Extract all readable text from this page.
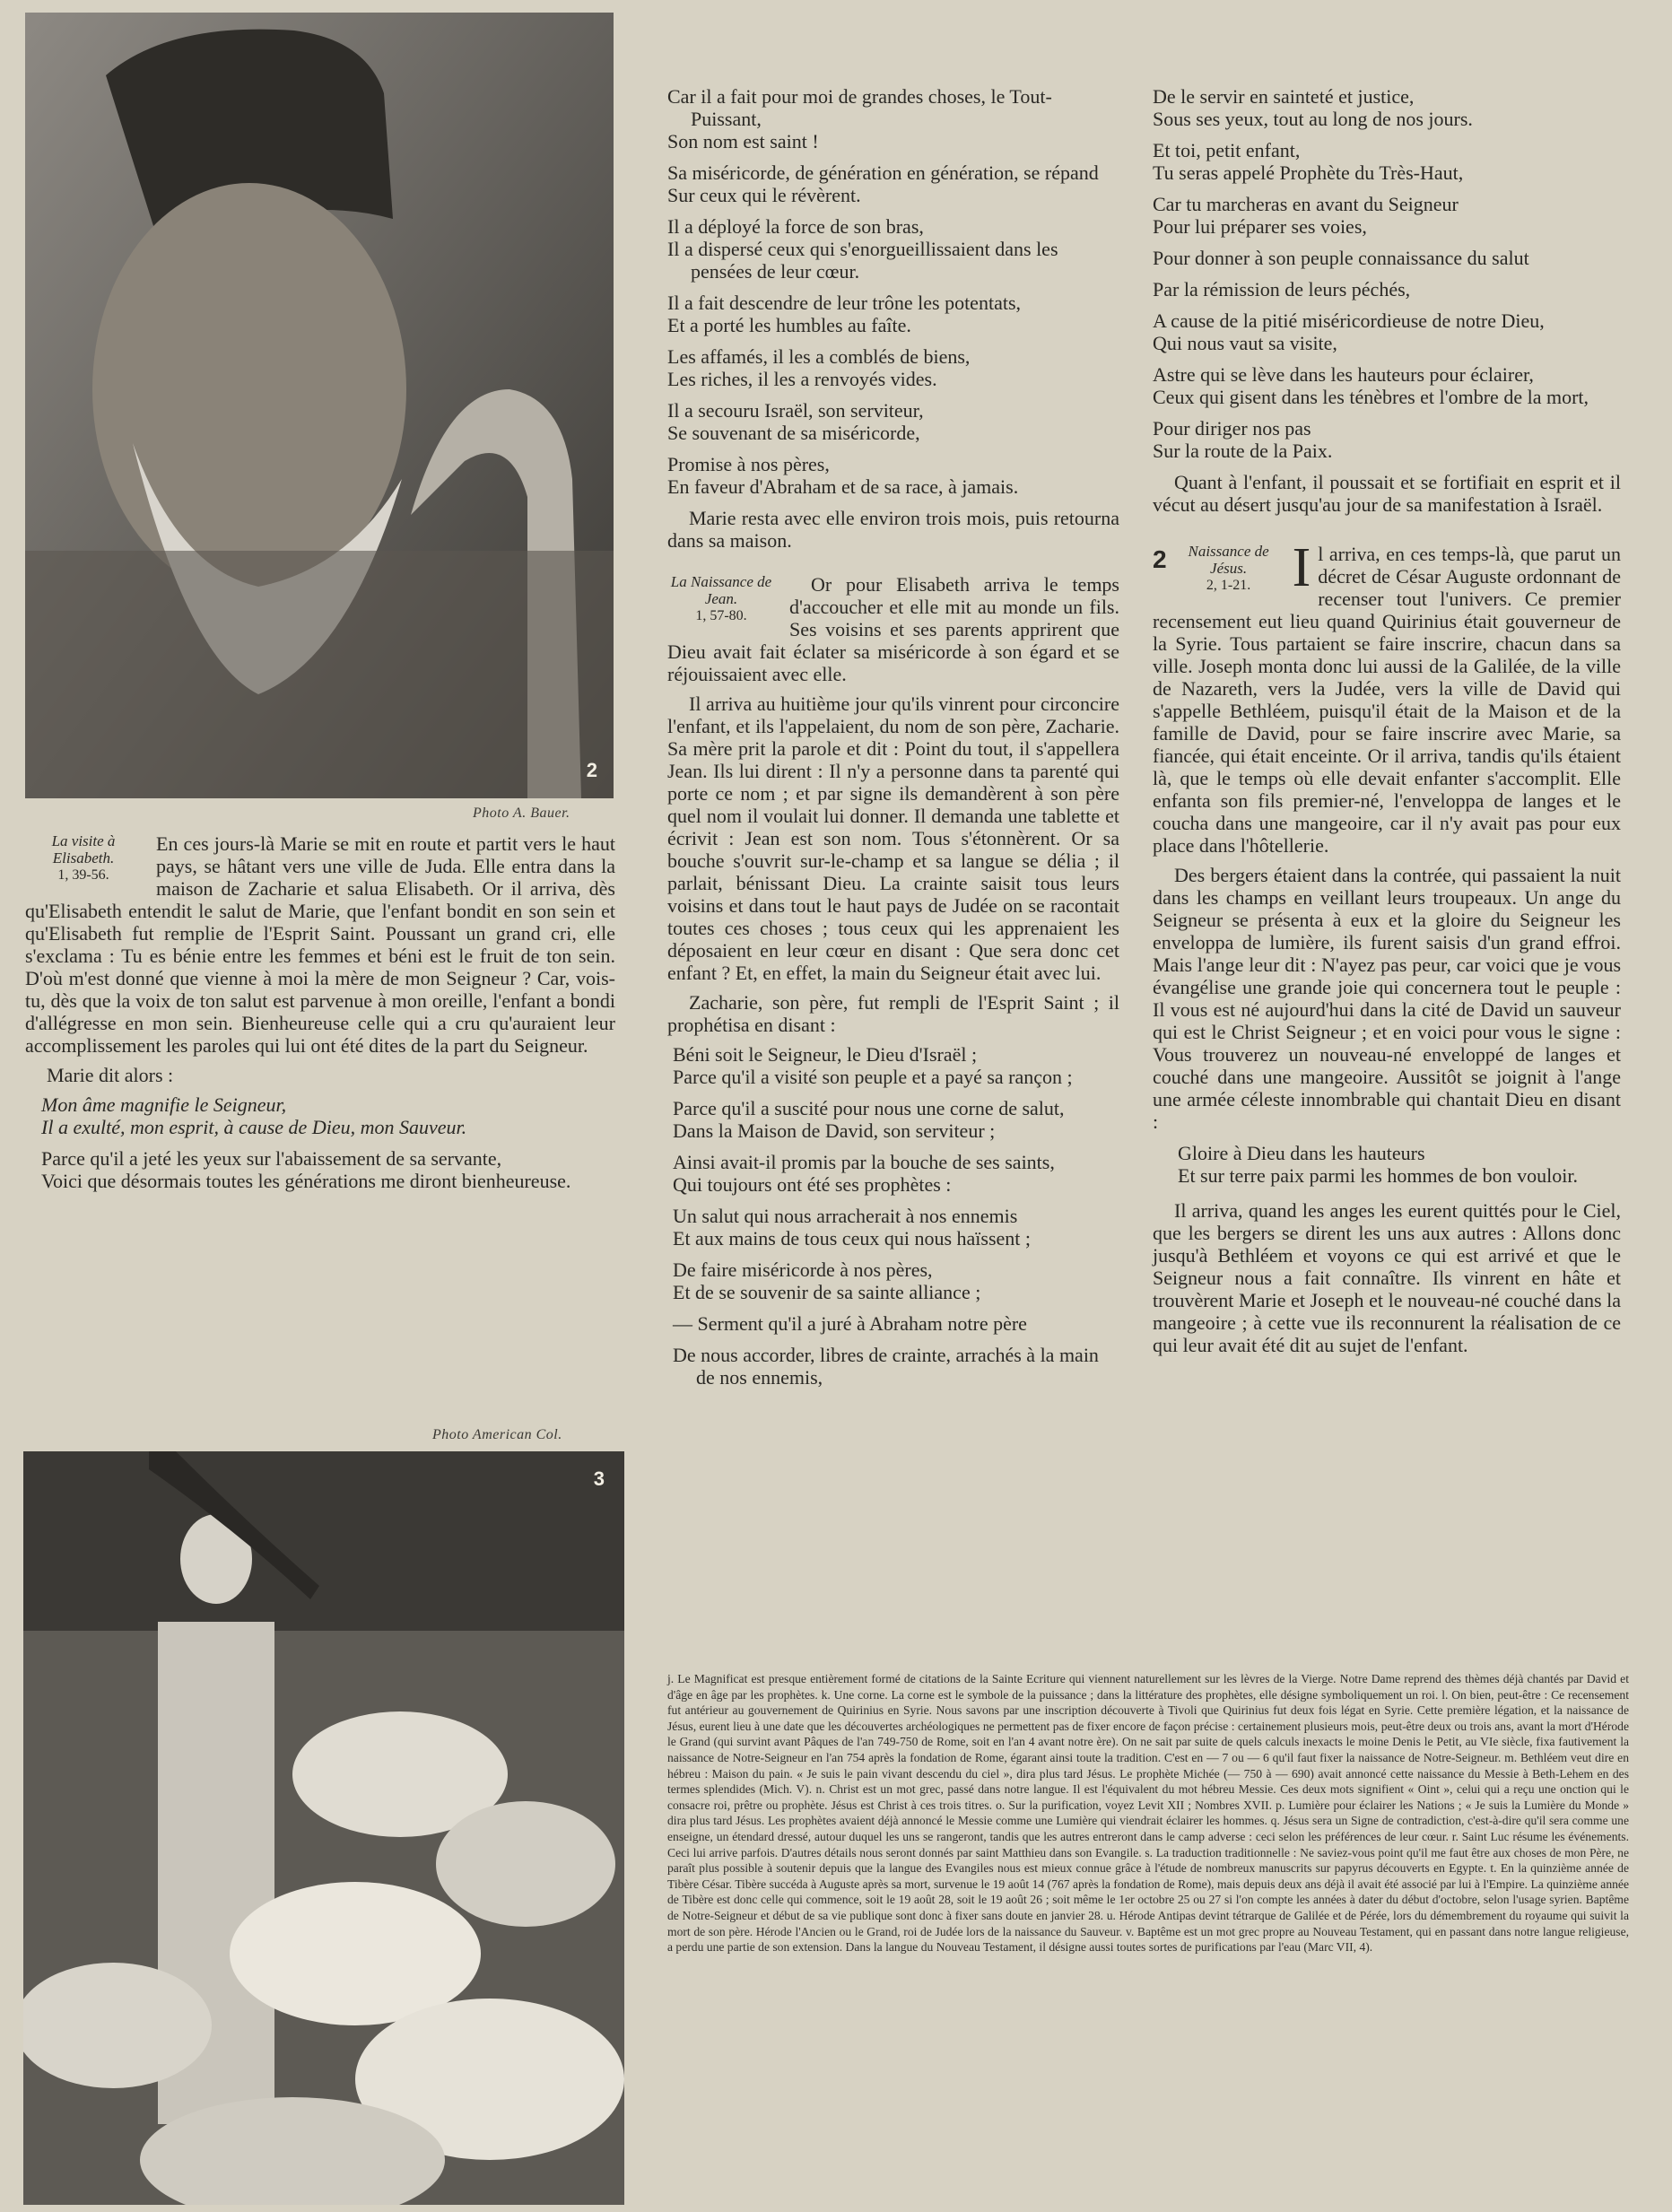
2
Photo A. Bauer.
La visite à Elisabeth.
1, 39-56.

En ces jours-là Marie se mit en route et partit vers le haut pays, se hâtant vers une ville de Juda. Elle entra dans la maison de Zacharie et salua Elisabeth. Or il arriva, dès qu'Elisabeth entendit le salut de Marie, que l'enfant bondit en son sein et qu'Elisabeth fut remplie de l'Esprit Saint. Poussant un grand cri, elle s'exclama : Tu es bénie entre les femmes et béni est le fruit de ton sein. D'où m'est donné que vienne à moi la mère de mon Seigneur ? Car, vois-tu, dès que la voix de ton salut est parvenue à mon oreille, l'enfant a bondi d'allégresse en mon sein. Bienheureuse celle qui a cru qu'auraient leur accomplissement les paroles qui lui ont été dites de la part du Seigneur.

Marie dit alors :

Mon âme magnifie le Seigneur,
Il a exulté, mon esprit, à cause de Dieu, mon Sauveur.
Parce qu'il a jeté les yeux sur l'abaissement de sa servante,
Voici que désormais toutes les générations me diront bienheureuse.
Photo American Col.
3
Car il a fait pour moi de grandes choses, le Tout-Puissant,
Son nom est saint !
Sa miséricorde, de génération en génération, se répand
Sur ceux qui le révèrent.
Il a déployé la force de son bras,
Il a dispersé ceux qui s'enorgueillissaient dans les pensées de leur cœur.
Il a fait descendre de leur trône les potentats,
Et a porté les humbles au faîte.
Les affamés, il les a comblés de biens,
Les riches, il les a renvoyés vides.
Il a secouru Israël, son serviteur,
Se souvenant de sa miséricorde,
Promise à nos pères,
En faveur d'Abraham et de sa race, à jamais.

Marie resta avec elle environ trois mois, puis retourna dans sa maison.

La Naissance de Jean.
1, 57-80.

Or pour Elisabeth arriva le temps d'accoucher et elle mit au monde un fils. Ses voisins et ses parents apprirent que Dieu avait fait éclater sa miséricorde à son égard et se réjouissaient avec elle.

Il arriva au huitième jour qu'ils vinrent pour circoncire l'enfant, et ils l'appelaient, du nom de son père, Zacharie. Sa mère prit la parole et dit : Point du tout, il s'appellera Jean. Ils lui dirent : Il n'y a personne dans ta parenté qui porte ce nom ; et par signe ils demandèrent à son père quel nom il voulait lui donner. Il demanda une tablette et écrivit : Jean est son nom. Tous s'étonnèrent. Or sa bouche s'ouvrit sur-le-champ et sa langue se délia ; il parlait, bénissant Dieu. La crainte saisit tous leurs voisins et dans tout le haut pays de Judée on se racontait toutes ces choses ; tous ceux qui les apprenaient les déposaient en leur cœur en disant : Que sera donc cet enfant ? Et, en effet, la main du Seigneur était avec lui.

Zacharie, son père, fut rempli de l'Esprit Saint ; il prophétisa en disant :

Béni soit le Seigneur, le Dieu d'Israël ;
Parce qu'il a visité son peuple et a payé sa rançon ;
Parce qu'il a suscité pour nous une corne de salut,
Dans la Maison de David, son serviteur ;
Ainsi avait-il promis par la bouche de ses saints,
Qui toujours ont été ses prophètes :
Un salut qui nous arracherait à nos ennemis
Et aux mains de tous ceux qui nous haïssent ;
De faire miséricorde à nos pères,
Et de se souvenir de sa sainte alliance ;
— Serment qu'il a juré à Abraham notre père
De nous accorder, libres de crainte, arrachés à la main de nos ennemis,
De le servir en sainteté et justice,
Sous ses yeux, tout au long de nos jours.
Et toi, petit enfant,
Tu seras appelé Prophète du Très-Haut,
Car tu marcheras en avant du Seigneur
Pour lui préparer ses voies,
Pour donner à son peuple connaissance du salut
Par la rémission de leurs péchés,
A cause de la pitié miséricordieuse de notre Dieu,
Qui nous vaut sa visite,
Astre qui se lève dans les hauteurs pour éclairer,
Ceux qui gisent dans les ténèbres et l'ombre de la mort,
Pour diriger nos pas
Sur la route de la Paix.

Quant à l'enfant, il poussait et se fortifiait en esprit et il vécut au désert jusqu'au jour de sa manifestation à Israël.

2	Naissance de Jésus.
2, 1-21. I l arriva, en ces temps-là, que parut un décret de César Auguste ordonnant de recenser tout l'univers. Ce premier recensement eut lieu quand Quirinius était gouverneur de la Syrie. Tous partaient se faire inscrire, chacun dans sa ville. Joseph monta donc lui aussi de la Galilée, de la ville de Nazareth, vers la Judée, vers la ville de David qui s'appelle Bethléem, puisqu'il était de la Maison et de la famille de David, pour se faire inscrire avec Marie, sa fiancée, qui était enceinte. Or il arriva, tandis qu'ils étaient là, que le temps où elle devait enfanter s'accomplit. Elle enfanta son fils premier-né, l'enveloppa de langes et le coucha dans une mangeoire, car il n'y avait pas pour eux place dans l'hôtellerie.

Des bergers étaient dans la contrée, qui passaient la nuit dans les champs en veillant leurs troupeaux. Un ange du Seigneur se présenta à eux et la gloire du Seigneur les enveloppa de lumière, ils furent saisis d'un grand effroi. Mais l'ange leur dit : N'ayez pas peur, car voici que je vous évangélise une grande joie qui concernera tout le peuple : Il vous est né aujourd'hui dans la cité de David un sauveur qui est le Christ Seigneur ; et en voici pour vous le signe : Vous trouverez un nouveau-né enveloppé de langes et couché dans une mangeoire. Aussitôt se joignit à l'ange une armée céleste innombrable qui chantait Dieu en disant :

Gloire à Dieu dans les hauteurs
Et sur terre paix parmi les hommes de bon vouloir.

Il arriva, quand les anges les eurent quittés pour le Ciel, que les bergers se dirent les uns aux autres : Allons donc jusqu'à Bethléem et voyons ce qui est arrivé et que le Seigneur nous a fait connaître. Ils vinrent en hâte et trouvèrent Marie et Joseph et le nouveau-né couché dans la mangeoire ; à cette vue ils reconnurent la réalisation de ce qui leur avait été dit au sujet de l'enfant.

j. Le Magnificat est presque entièrement formé de citations de la Sainte Ecriture qui viennent naturellement sur les lèvres de la Vierge. Notre Dame reprend des thèmes déjà chantés par David et d'âge en âge par les prophètes. k. Une corne. La corne est le symbole de la puissance ; dans la littérature des prophètes, elle désigne symboliquement un roi. l. On bien, peut-être : Ce recensement fut antérieur au gouvernement de Quirinius en Syrie. Nous savons par une inscription découverte à Tivoli que Quirinius fut deux fois légat en Syrie. Cette première légation, et la naissance de Jésus, eurent lieu à une date que les découvertes archéologiques ne permettent pas de fixer encore de façon précise : certainement plusieurs mois, peut-être deux ou trois ans, avant la mort d'Hérode le Grand (qui survint avant Pâques de l'an 749-750 de Rome, soit en l'an 4 avant notre ère). On ne sait par suite de quels calculs inexacts le moine Denis le Petit, au VIe siècle, fixa fautivement la naissance de Notre-Seigneur en l'an 754 après la fondation de Rome, égarant ainsi toute la tradition. C'est en — 7 ou — 6 qu'il faut fixer la naissance de Notre-Seigneur. m. Bethléem veut dire en hébreu : Maison du pain. « Je suis le pain vivant descendu du ciel », dira plus tard Jésus. Le prophète Michée (— 750 à — 690) avait annoncé cette naissance du Messie à Beth-Lehem en des termes splendides (Mich. V). n. Christ est un mot grec, passé dans notre langue. Il est l'équivalent du mot hébreu Messie. Ces deux mots signifient « Oint », celui qui a reçu une onction qui le consacre roi, prêtre ou prophète. Jésus est Christ à ces trois titres. o. Sur la purification, voyez Levit XII ; Nombres XVII. p. Lumière pour éclairer les Nations ; « Je suis la Lumière du Monde » dira plus tard Jésus. Les prophètes avaient déjà annoncé le Messie comme une Lumière qui viendrait éclairer les hommes. q. Jésus sera un Signe de contradiction, c'est-à-dire qu'il sera comme une enseigne, un étendard dressé, autour duquel les uns se rangeront, tandis que les autres entreront dans le camp adverse : ceci selon les préférences de leur cœur. r. Saint Luc résume les événements. Ceci lui arrive parfois. D'autres détails nous seront donnés par saint Matthieu dans son Evangile. s. La traduction traditionnelle : Ne saviez-vous point qu'il me faut être aux choses de mon Père, ne paraît plus possible à soutenir depuis que la langue des Evangiles nous est mieux connue grâce à l'étude de nombreux manuscrits sur papyrus découverts en Egypte. t. En la quinzième année de Tibère César. Tibère succéda à Auguste après sa mort, survenue le 19 août 14 (767 après la fondation de Rome), mais depuis deux ans déjà il avait été associé par lui à l'Empire. La quinzième année de Tibère est donc celle qui commence, soit le 19 août 28, soit le 19 août 26 ; soit même le 1er octobre 25 ou 27 si l'on compte les années à dater du début d'octobre, selon l'usage syrien. Baptême de Notre-Seigneur et début de sa vie publique sont donc à fixer sans doute en janvier 28. u. Hérode Antipas devint tétrarque de Galilée et de Pérée, lors du démembrement du royaume qui suivit la mort de son père. Hérode l'Ancien ou le Grand, roi de Judée lors de la naissance du Sauveur. v. Baptême est un mot grec propre au Nouveau Testament, qui en passant dans notre langue religieuse, a perdu une partie de son extension. Dans la langue du Nouveau Testament, il désigne aussi toutes sortes de purifications par l'eau (Marc VII, 4).
